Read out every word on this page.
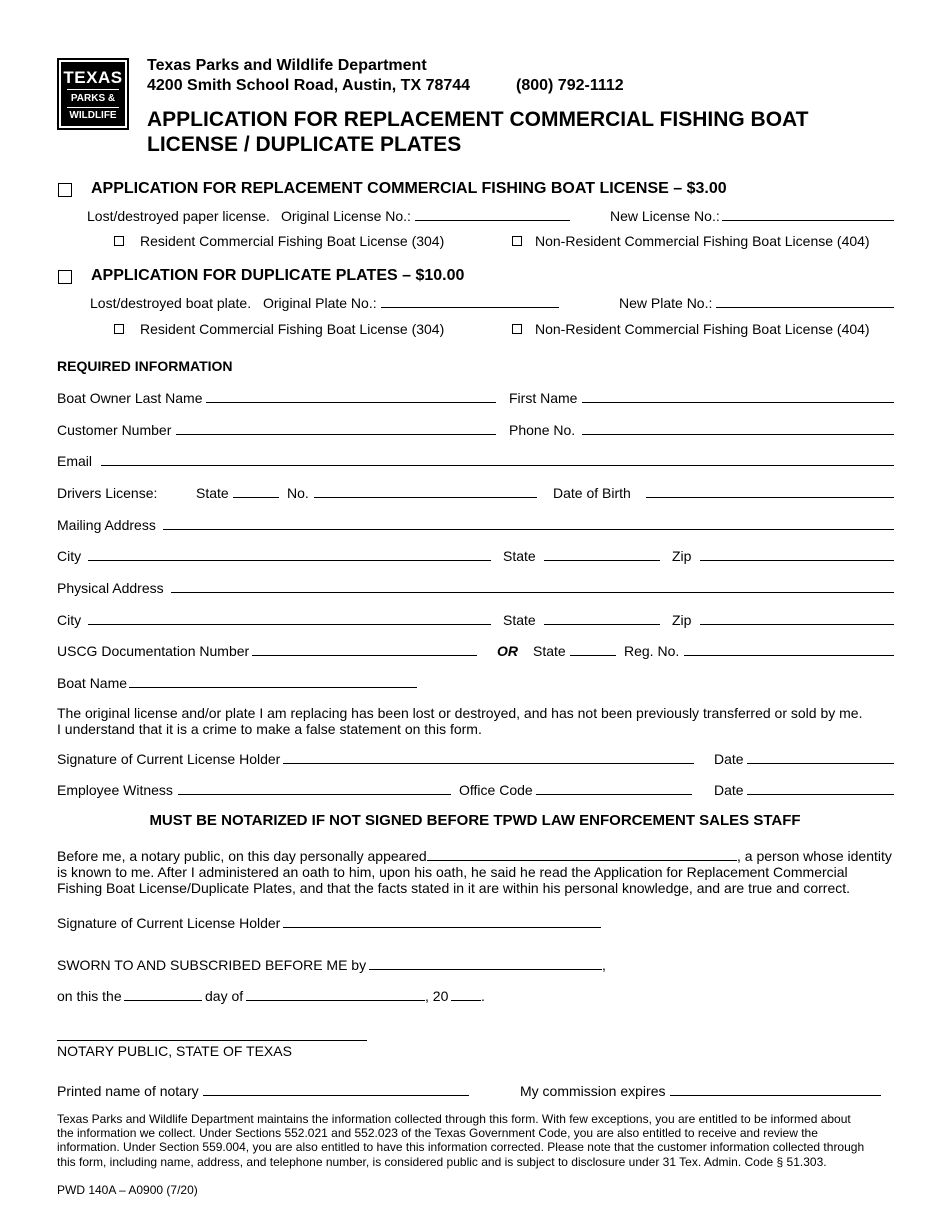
TEXAS
PARKS &
WILDLIFE
Texas Parks and Wildlife Department
4200 Smith School Road, Austin, TX 78744	(800) 792-1112
APPLICATION FOR REPLACEMENT COMMERCIAL FISHING BOAT
LICENSE / DUPLICATE PLATES
APPLICATION FOR REPLACEMENT COMMERCIAL FISHING BOAT LICENSE – $3.00
Lost/destroyed paper license. Original License No.:	New License No.:
Resident Commercial Fishing Boat License (304)	Non-Resident Commercial Fishing Boat License (404)
APPLICATION FOR DUPLICATE PLATES – $10.00
Lost/destroyed boat plate. Original Plate No.:	New Plate No.:
Resident Commercial Fishing Boat License (304)	Non-Resident Commercial Fishing Boat License (404)
REQUIRED INFORMATION
Boat Owner Last Name	First Name
Customer Number	Phone No.
Email
Drivers License:	State	No.	Date of Birth
Mailing Address
City	State	Zip
Physical Address
City	State	Zip
USCG Documentation Number	OR State	Reg. No.
Boat Name
The original license and/or plate I am replacing has been lost or destroyed, and has not been previously transferred or sold by me.
I understand that it is a crime to make a false statement on this form.
Signature of Current License Holder	Date
Employee Witness	Office Code	Date
MUST BE NOTARIZED IF NOT SIGNED BEFORE TPWD LAW ENFORCEMENT SALES STAFF
Before me, a notary public, on this day personally appeared	, a person whose identity
is known to me. After I administered an oath to him, upon his oath, he said he read the Application for Replacement Commercial
Fishing Boat License/Duplicate Plates, and that the facts stated in it are within his personal knowledge, and are true and correct.
Signature of Current License Holder
SWORN TO AND SUBSCRIBED BEFORE ME by	,
on this the	day of	, 20 .
NOTARY PUBLIC, STATE OF TEXAS
Printed name of notary	My commission expires
Texas Parks and Wildlife Department maintains the information collected through this form. With few exceptions, you are entitled to be informed about
the information we collect. Under Sections 552.021 and 552.023 of the Texas Government Code, you are also entitled to receive and review the
information. Under Section 559.004, you are also entitled to have this information corrected. Please note that the customer information collected through
this form, including name, address, and telephone number, is considered public and is subject to disclosure under 31 Tex. Admin. Code § 51.303.
PWD 140A – A0900 (7/20)
